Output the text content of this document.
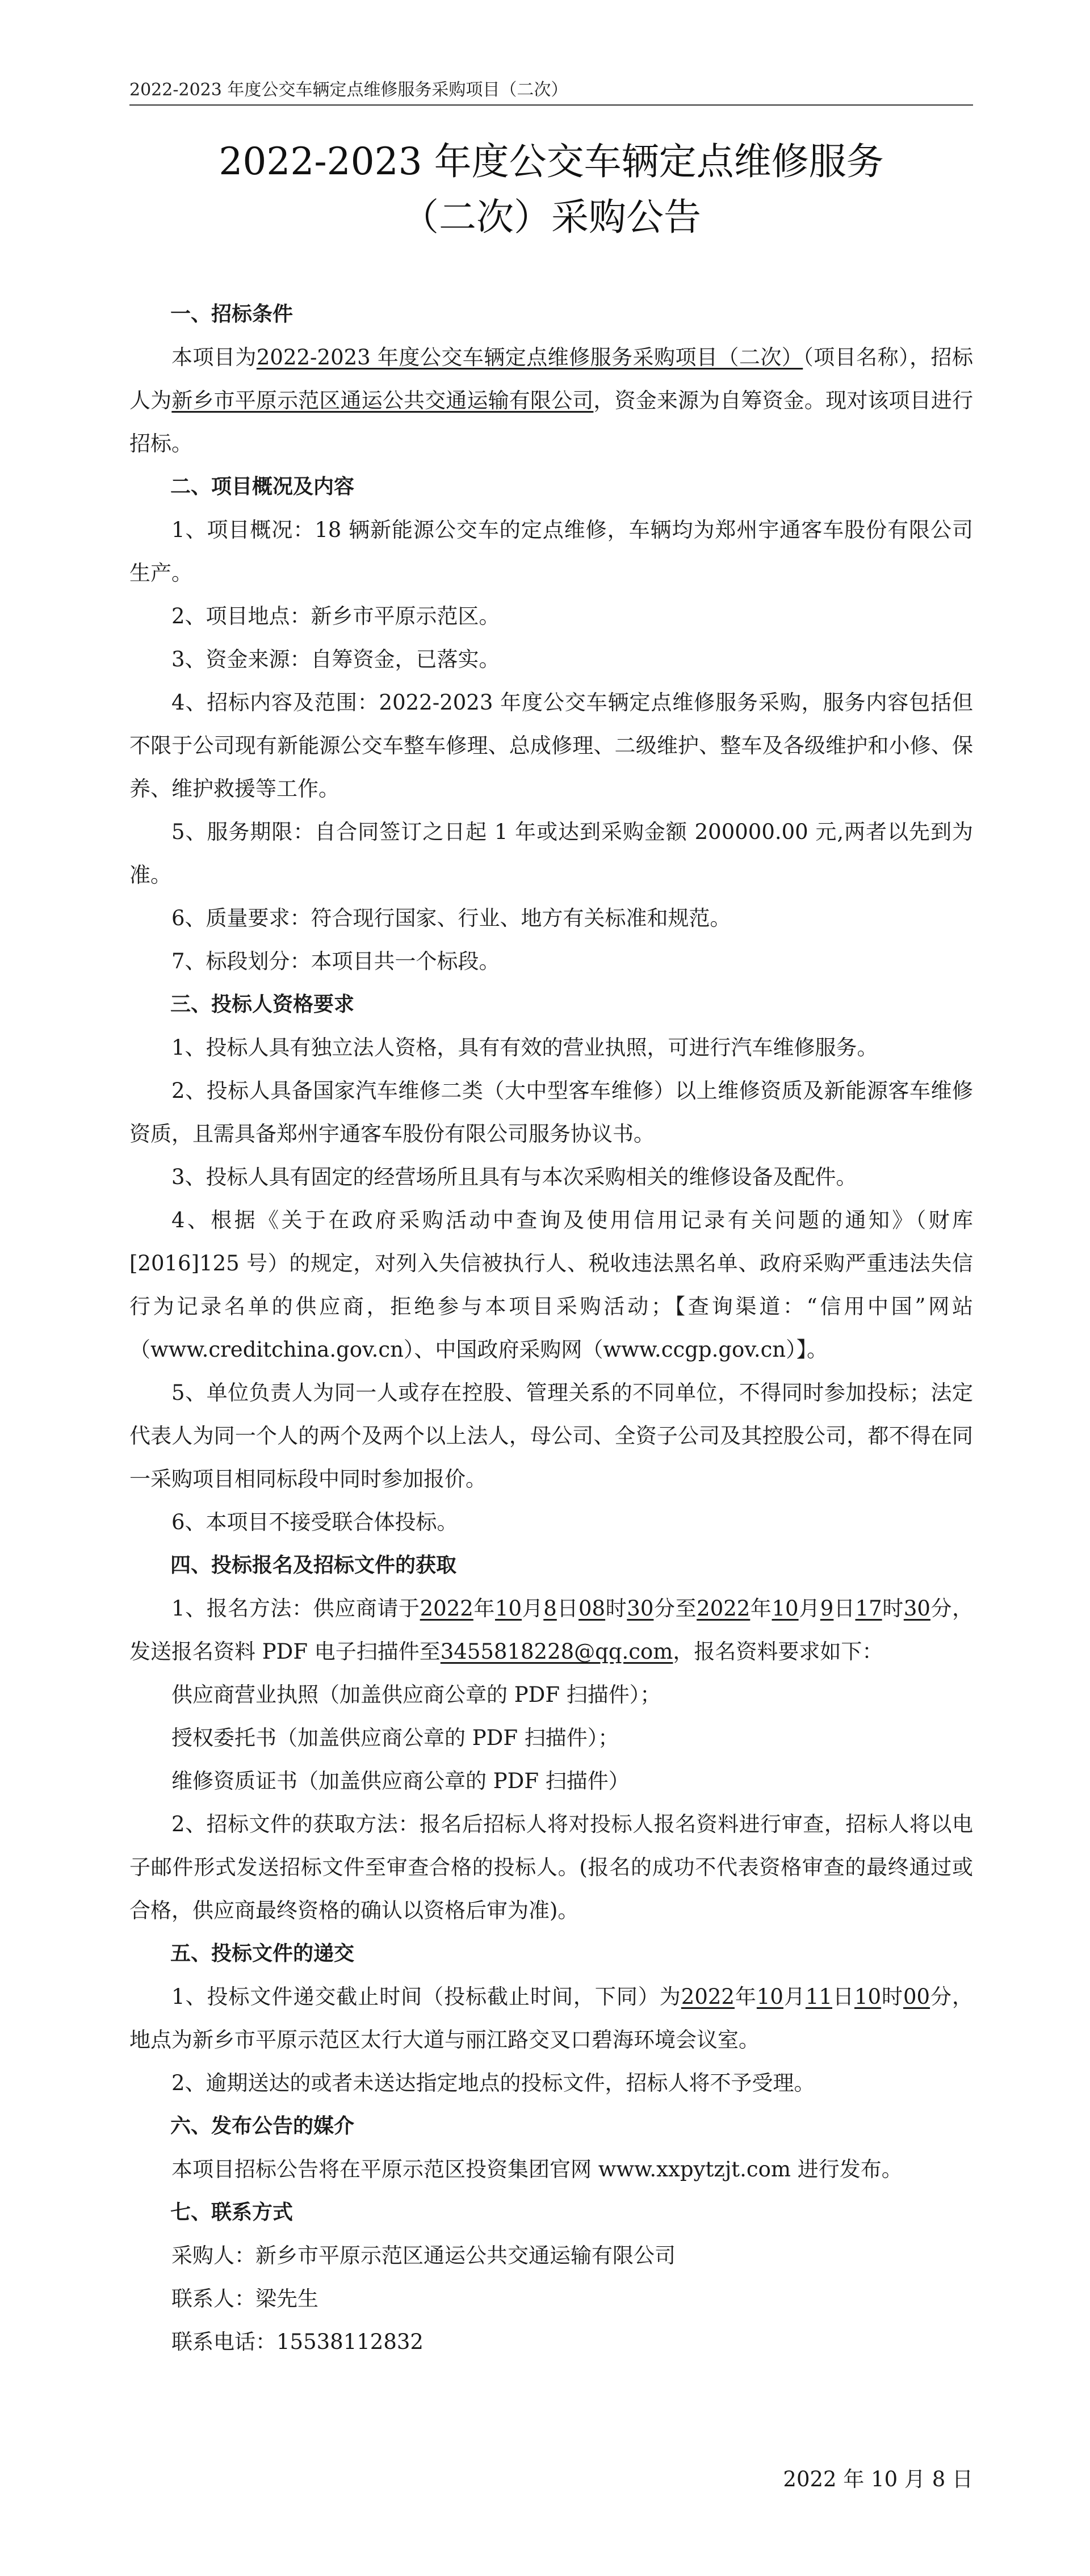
2022-2023 年度公交车辆定点维修服务采购项目（二次）
2022-2023 年度公交车辆定点维修服务
（二次）采购公告

一、招标条件

本项目为2022-2023 年度公交车辆定点维修服务采购项目（二次）（项目名称），招标人为新乡市平原示范区通运公共交通运输有限公司，资金来源为自筹资金。现对该项目进行招标。

二、项目概况及内容

1、项目概况：18 辆新能源公交车的定点维修，车辆均为郑州宇通客车股份有限公司生产。

2、项目地点：新乡市平原示范区。

3、资金来源：自筹资金，已落实。

4、招标内容及范围：2022-2023 年度公交车辆定点维修服务采购，服务内容包括但不限于公司现有新能源公交车整车修理、总成修理、二级维护、整车及各级维护和小修、保养、维护救援等工作。

5、服务期限：自合同签订之日起 1 年或达到采购金额 200000.00 元,两者以先到为准。

6、质量要求：符合现行国家、行业、地方有关标准和规范。

7、标段划分：本项目共一个标段。

三、投标人资格要求

1、投标人具有独立法人资格，具有有效的营业执照，可进行汽车维修服务。

2、投标人具备国家汽车维修二类（大中型客车维修）以上维修资质及新能源客车维修资质，且需具备郑州宇通客车股份有限公司服务协议书。

3、投标人具有固定的经营场所且具有与本次采购相关的维修设备及配件。

4、根据《关于在政府采购活动中查询及使用信用记录有关问题的通知》（财库[2016]125 号）的规定，对列入失信被执行人、税收违法黑名单、政府采购严重违法失信行为记录名单的供应商，拒绝参与本项目采购活动；【查询渠道：“信用中国”网站（www.creditchina.gov.cn）、中国政府采购网（www.ccgp.gov.cn）】。

5、单位负责人为同一人或存在控股、管理关系的不同单位，不得同时参加投标；法定代表人为同一个人的两个及两个以上法人，母公司、全资子公司及其控股公司，都不得在同一采购项目相同标段中同时参加报价。

6、本项目不接受联合体投标。

四、投标报名及招标文件的获取

1、报名方法：供应商请于2022年10月8日08时30分至2022年10月9日17时30分，发送报名资料 PDF 电子扫描件至3455818228@qq.com，报名资料要求如下：

供应商营业执照（加盖供应商公章的 PDF 扫描件）；

授权委托书（加盖供应商公章的 PDF 扫描件）；

维修资质证书（加盖供应商公章的 PDF 扫描件）

2、招标文件的获取方法：报名后招标人将对投标人报名资料进行审查，招标人将以电子邮件形式发送招标文件至审查合格的投标人。(报名的成功不代表资格审查的最终通过或合格，供应商最终资格的确认以资格后审为准)。

五、投标文件的递交

1、投标文件递交截止时间（投标截止时间，下同）为2022年10月11日10时00分，地点为新乡市平原示范区太行大道与丽江路交叉口碧海环境会议室。

2、逾期送达的或者未送达指定地点的投标文件，招标人将不予受理。

六、发布公告的媒介

本项目招标公告将在平原示范区投资集团官网 www.xxpytzjt.com 进行发布。

七、联系方式

采购人：新乡市平原示范区通运公共交通运输有限公司

联系人：梁先生

联系电话：15538112832

2022 年 10 月 8 日
